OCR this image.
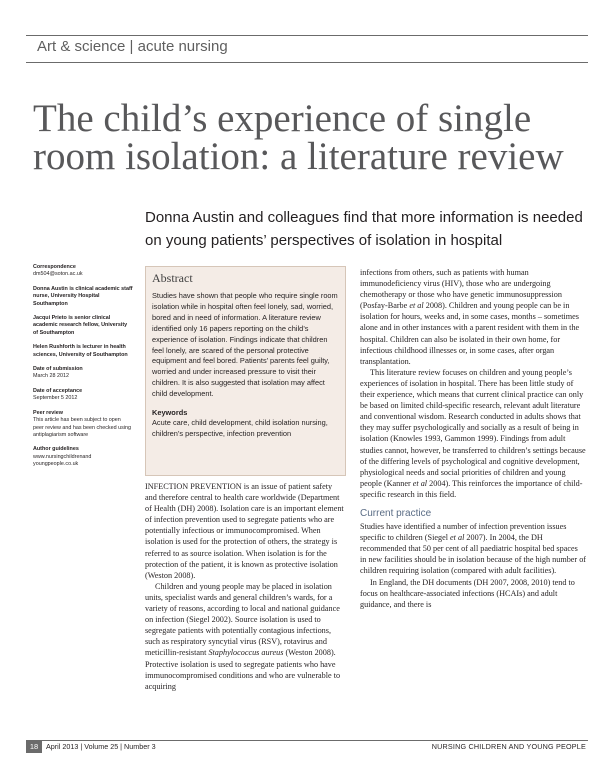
Art & science | acute nursing
The child’s experience of single room isolation: a literature review

Donna Austin and colleagues find that more information is needed on young patients’ perspectives of isolation in hospital

Correspondence
dm504@soton.ac.uk
Donna Austin is clinical academic staff nurse, University Hospital Southampton
Jacqui Prieto is senior clinical academic research fellow, University of Southampton
Helen Rushforth is lecturer in health sciences, University of Southampton
Date of submission
March 28 2012
Date of acceptance
September 5 2012
Peer review
This article has been subject to open peer review and has been checked using antiplagiarism software
Author guidelines
www.nursingchildrenand youngpeople.co.uk

Abstract

Studies have shown that people who require single room isolation while in hospital often feel lonely, sad, worried, bored and in need of information. A literature review identified only 16 papers reporting on the child’s experience of isolation. Findings indicate that children feel lonely, are scared of the personal protective equipment and feel bored. Patients’ parents feel guilty, worried and under increased pressure to visit their children. It is also suggested that isolation may affect child development.

Keywords

Acute care, child development, child isolation nursing, children’s perspective, infection prevention

INFECTION PREVENTION is an issue of patient safety and therefore central to health care worldwide (Department of Health (DH) 2008). Isolation care is an important element of infection prevention used to segregate patients who are potentially infectious or immunocompromised. When isolation is used for the protection of others, the strategy is referred to as source isolation. When isolation is for the protection of the patient, it is known as protective isolation (Weston 2008).

Children and young people may be placed in isolation units, specialist wards and general children’s wards, for a variety of reasons, according to local and national guidance on infection (Siegel 2002). Source isolation is used to segregate patients with potentially contagious infections, such as respiratory syncytial virus (RSV), rotavirus and meticillin-resistant Staphylococcus aureus (Weston 2008). Protective isolation is used to segregate patients who have immunocompromised conditions and who are vulnerable to acquiring

infections from others, such as patients with human immunodeficiency virus (HIV), those who are undergoing chemotherapy or those who have genetic immunosuppression (Posfay-Barbe et al 2008). Children and young people can be in isolation for hours, weeks and, in some cases, months – sometimes alone and in other instances with a parent resident with them in the hospital. Children can also be isolated in their own home, for infectious childhood illnesses or, in some cases, after organ transplantation.

This literature review focuses on children and young people’s experiences of isolation in hospital. There has been little study of their experience, which means that current clinical practice can only be based on limited child-specific research, relevant adult literature and conventional wisdom. Research conducted in adults shows that they may suffer psychologically and socially as a result of being in isolation (Knowles 1993, Gammon 1999). Findings from adult studies cannot, however, be transferred to children’s settings because of the differing levels of psychological and cognitive development, physiological needs and social priorities of children and young people (Kanner et al 2004). This reinforces the importance of child-specific research in this field.

Current practice

Studies have identified a number of infection prevention issues specific to children (Siegel et al 2007). In 2004, the DH recommended that 50 per cent of all paediatric hospital bed spaces in new facilities should be in isolation because of the high number of children requiring isolation (compared with adult facilities).

In England, the DH documents (DH 2007, 2008, 2010) tend to focus on healthcare-associated infections (HCAIs) and adult guidance, and there is

18	April 2013 | Volume 25 | Number 3	NURSING CHILDREN AND YOUNG PEOPLE
